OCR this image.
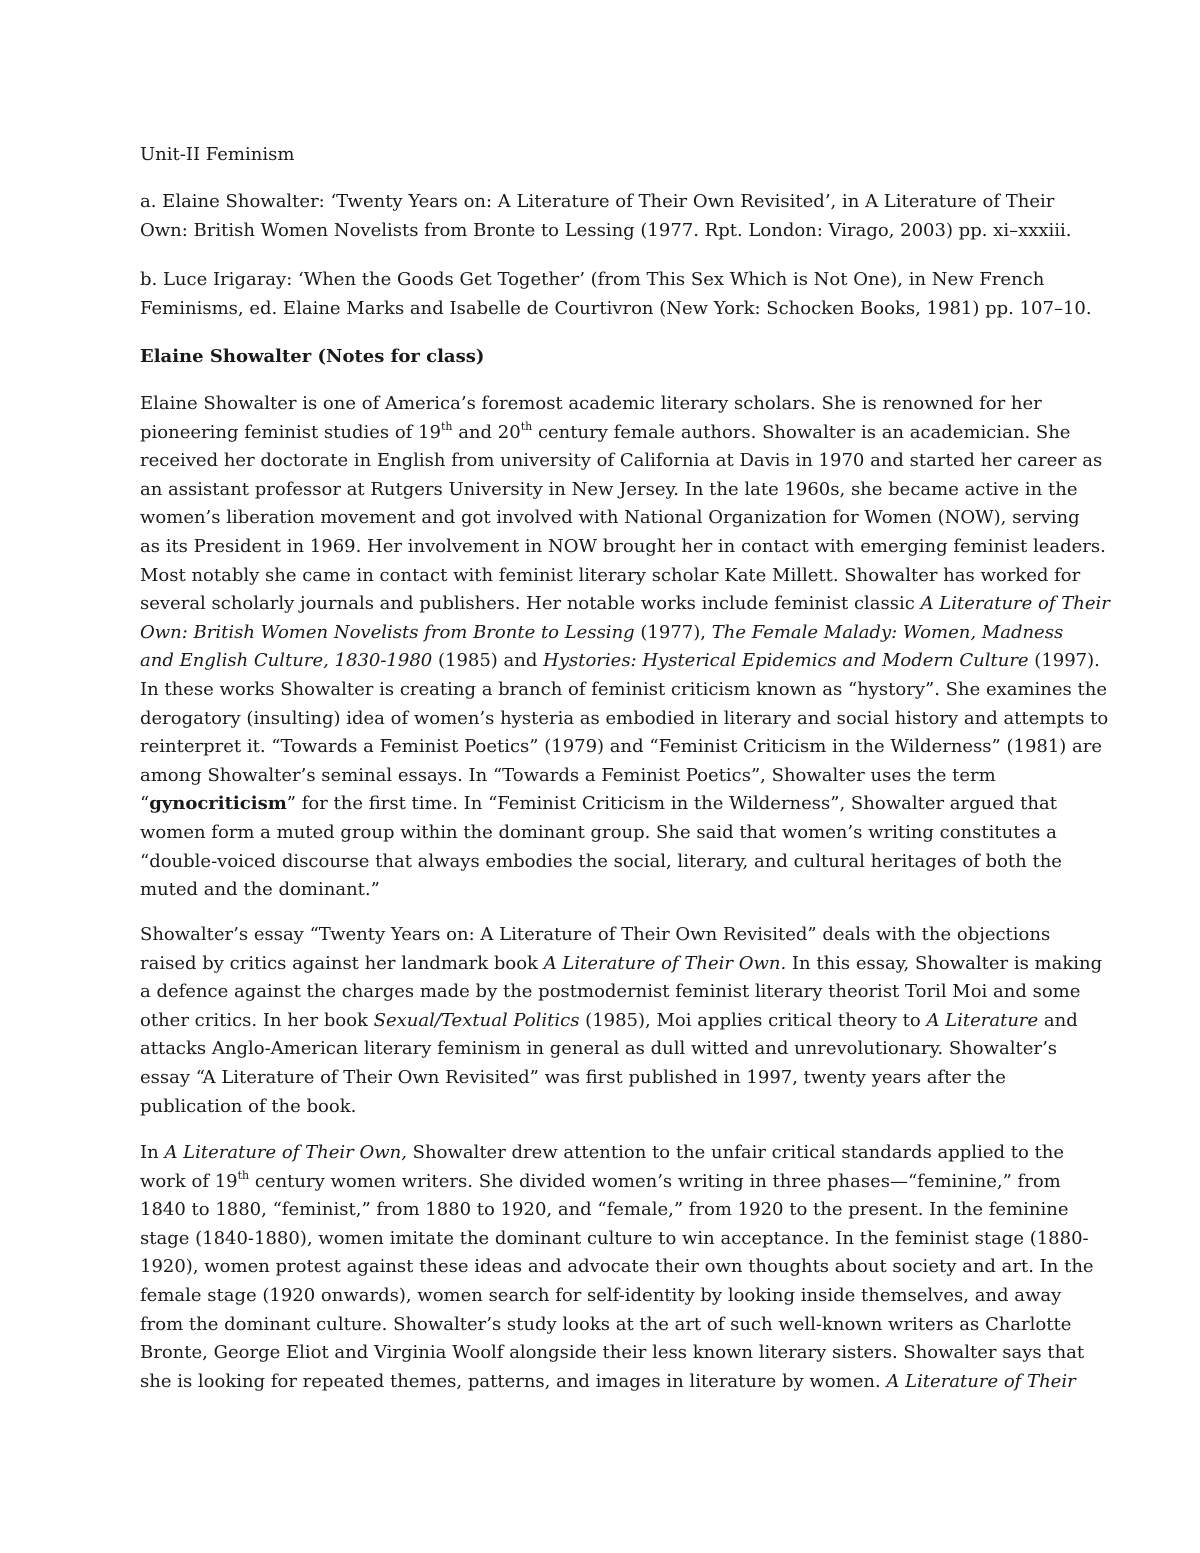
Unit-II Feminism
a. Elaine Showalter: ‘Twenty Years on: A Literature of Their Own Revisited’, in A Literature of Their
Own: British Women Novelists from Bronte to Lessing (1977. Rpt. London: Virago, 2003) pp. xi–xxxiii.
b. Luce Irigaray: ‘When the Goods Get Together’ (from This Sex Which is Not One), in New French
Feminisms, ed. Elaine Marks and Isabelle de Courtivron (New York: Schocken Books, 1981) pp. 107–10.
Elaine Showalter (Notes for class)
Elaine Showalter is one of America’s foremost academic literary scholars. She is renowned for her
pioneering feminist studies of 19th and 20th century female authors. Showalter is an academician. She
received her doctorate in English from university of California at Davis in 1970 and started her career as
an assistant professor at Rutgers University in New Jersey. In the late 1960s, she became active in the
women’s liberation movement and got involved with National Organization for Women (NOW), serving
as its President in 1969. Her involvement in NOW brought her in contact with emerging feminist leaders.
Most notably she came in contact with feminist literary scholar Kate Millett. Showalter has worked for
several scholarly journals and publishers. Her notable works include feminist classic A Literature of Their
Own: British Women Novelists from Bronte to Lessing (1977), The Female Malady: Women, Madness
and English Culture, 1830-1980 (1985) and Hystories: Hysterical Epidemics and Modern Culture (1997).
In these works Showalter is creating a branch of feminist criticism known as “hystory”. She examines the
derogatory (insulting) idea of women’s hysteria as embodied in literary and social history and attempts to
reinterpret it. “Towards a Feminist Poetics” (1979) and “Feminist Criticism in the Wilderness” (1981) are
among Showalter’s seminal essays. In “Towards a Feminist Poetics”, Showalter uses the term
“gynocriticism” for the first time. In “Feminist Criticism in the Wilderness”, Showalter argued that
women form a muted group within the dominant group. She said that women’s writing constitutes a
“double-voiced discourse that always embodies the social, literary, and cultural heritages of both the
muted and the dominant.”
Showalter’s essay “Twenty Years on: A Literature of Their Own Revisited” deals with the objections
raised by critics against her landmark book A Literature of Their Own. In this essay, Showalter is making
a defence against the charges made by the postmodernist feminist literary theorist Toril Moi and some
other critics. In her book Sexual/Textual Politics (1985), Moi applies critical theory to A Literature and
attacks Anglo-American literary feminism in general as dull witted and unrevolutionary. Showalter’s
essay “A Literature of Their Own Revisited” was first published in 1997, twenty years after the
publication of the book.
In A Literature of Their Own, Showalter drew attention to the unfair critical standards applied to the
work of 19th century women writers. She divided women’s writing in three phases—“feminine,” from
1840 to 1880, “feminist,” from 1880 to 1920, and “female,” from 1920 to the present. In the feminine
stage (1840-1880), women imitate the dominant culture to win acceptance. In the feminist stage (1880-
1920), women protest against these ideas and advocate their own thoughts about society and art. In the
female stage (1920 onwards), women search for self-identity by looking inside themselves, and away
from the dominant culture. Showalter’s study looks at the art of such well-known writers as Charlotte
Bronte, George Eliot and Virginia Woolf alongside their less known literary sisters. Showalter says that
she is looking for repeated themes, patterns, and images in literature by women. A Literature of Their
